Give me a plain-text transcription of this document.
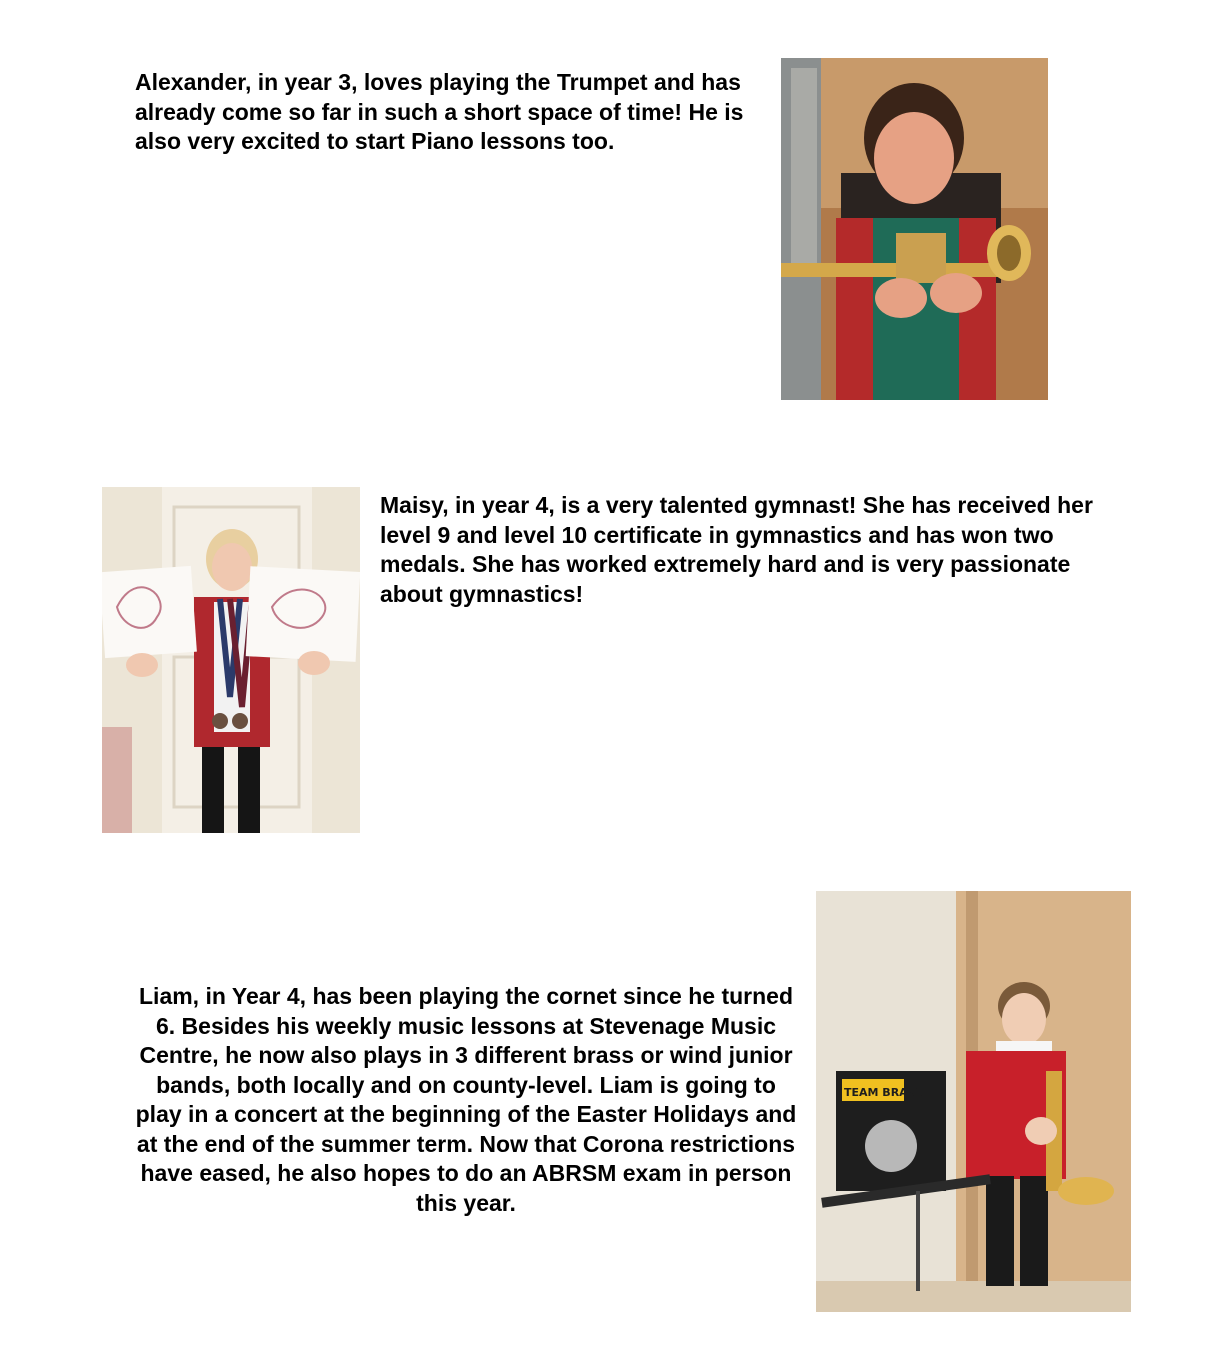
Alexander, in year 3, loves playing the Trumpet and has already come so far in such a short space of time! He is also very excited to start Piano lessons too.

Maisy, in year 4, is a very talented gymnast! She has received her level 9 and level 10 certificate in gymnastics and has won two medals. She has worked extremely hard and is very passionate about gymnastics!

Liam, in Year 4, has been playing the cornet since he turned 6. Besides his weekly music lessons at Stevenage Music Centre, he now also plays in 3 different brass or wind junior bands, both locally and on county-level. Liam is going to play in a concert at the beginning of the Easter Holidays and at the end of the summer term. Now that Corona restrictions have eased, he also hopes to do an ABRSM exam in person this year.

TEAM BRASS
